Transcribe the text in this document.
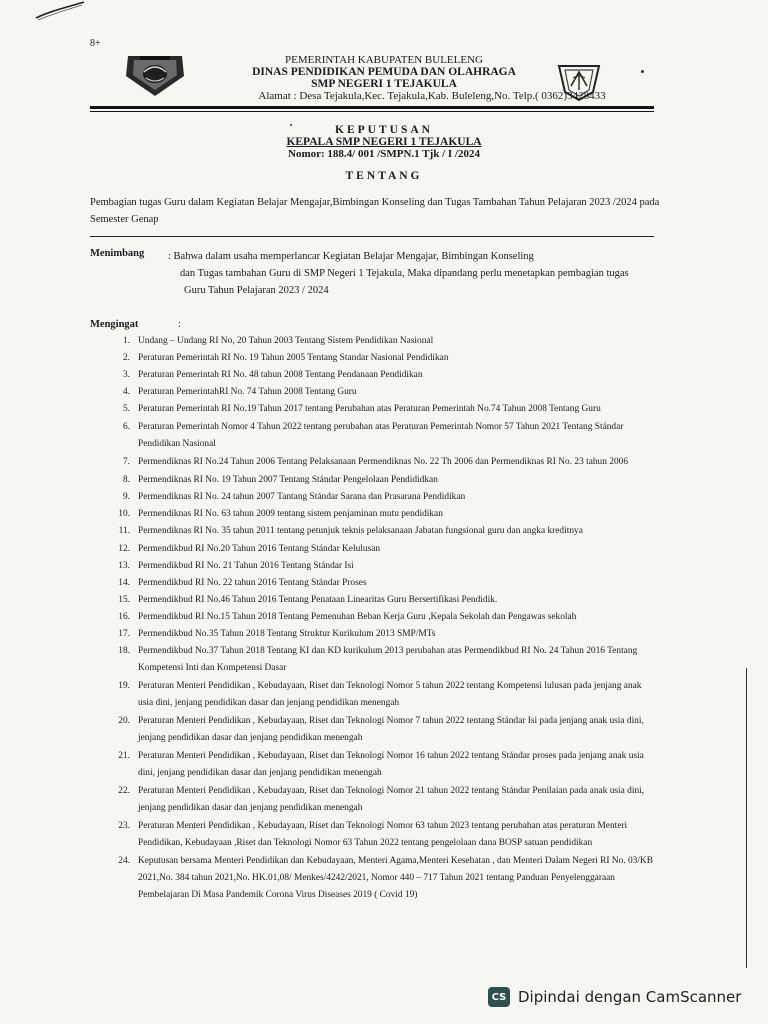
8+
PEMERINTAH KABUPATEN BULELENG
DINAS PENDIDIKAN PEMUDA DAN OLAHRAGA
SMP NEGERI 1 TEJAKULA
Alamat : Desa Tejakula,Kec. Tejakula,Kab. Buleleng,No. Telp.( 0362)3428433
KEPUTUSAN
KEPALA SMP NEGERI 1 TEJAKULA
Nomor: 188.4/ 001 /SMPN.1 Tjk / I /2024
TENTANG
Pembagian tugas Guru dalam Kegiatan Belajar Mengajar,Bimbingan Konseling dan Tugas Tambahan Tahun Pelajaran 2023 /2024 pada Semester Genap
Menimbang : Bahwa dalam usaha memperlancar Kegiatan Belajar Mengajar, Bimbingan Konseling
dan Tugas tambahan Guru di SMP Negeri 1 Tejakula, Maka dipandang perlu menetapkan pembagian tugas
Guru Tahun Pelajaran 2023 / 2024
Mengingat	:
1. Undang – Undang RI No, 20 Tahun 2003 Tentang Sistem Pendidikan Nasional
2. Peraturan Pemerintah RI No. 19 Tahun 2005 Tentang Standar Nasional Pendidikan
3. Peraturan Pemerintah RI No. 48 tahun 2008 Tentang Pendanaan Pendidikan
4. Peraturan PemerintahRI No. 74 Tahun 2008 Tentang Guru
5. Peraturan Pemerintah RI No.19 Tahun 2017 tentang Perubahan atas Peraturan Pemerintah No.74 Tahun 2008 Tentang Guru
6. Peraturan Pemerintah Nomor 4 Tahun 2022 tentang perubahan atas Peraturan Pemerintah Nomor 57 Tahun 2021 Tentang Stándar Pendidikan Nasional
7. Permendiknas RI No.24 Tahun 2006 Tentang Pelaksanaan Permendiknas No. 22 Th 2006 dan Permendiknas RI No. 23 tahun 2006
8. Permendiknas RI No. 19 Tahun 2007 Tentang Stándar Pengelolaan Pendididkan
9. Permendiknas RI No. 24 tahun 2007 Tantang Stándar Sarana dan Prasarana Pendidikan
10. Permendiknas RI No. 63 tahun 2009 tentang sistem penjaminan mutu pendidikan
11. Permendiknas RI No. 35 tahun 2011 tentang petunjuk teknis pelaksanaan Jabatan fungsional guru dan angka kreditnya
12. Permendikbud RI No.20 Tahun 2016 Tentang Stándar Kelulusan
13. Permendikbud RI No. 21 Tahun 2016 Tentang Stándar Isi
14. Permendikbud RI No. 22 tahun 2016 Tentang Stándar Proses
15. Permendikbud RI No.46 Tahun 2016 Tentang Penataan Linearitas Guru Bersertifikasi Pendidik.
16. Permendikbud RI No.15 Tahun 2018 Tentang Pemenuhan Beban Kerja Guru ,Kepala Sekolah dan Pengawas sekolah
17. Permendikbud No.35 Tahun 2018 Tentang Struktur Kurikulum 2013 SMP/MTs
18. Permendikbud No.37 Tahun 2018 Tentang KI dan KD kurikulum 2013 perubahan atas Permendikbud RI No. 24 Tahun 2016 Tentang Kompetensi Inti dan Kompetensi Dasar
19. Peraturan Menteri Pendidikan , Kebudayaan, Riset dan Teknologi Nomor 5 tahun 2022 tentang Kompetensi lulusan pada jenjang anak usia dini, jenjang pendidikan dasar dan jenjang pendidikan menengah
20. Peraturan Menteri Pendidikan , Kebudayaan, Riset dan Teknologi Nomor 7 tahun 2022 tentang Stándar Isi pada jenjang anak usia dini, jenjang pendidikan dasar dan jenjang pendidikan menengah
21. Peraturan Menteri Pendidikan , Kebudayaan, Riset dan Teknologi Nomor 16 tahun 2022 tentang Stándar proses pada jenjang anak usia dini, jenjang pendidikan dasar dan jenjang pendidikan menengah
22. Peraturan Menteri Pendidikan , Kebudayaan, Riset dan Teknologi Nomor 21 tahun 2022 tentang Stándar Penilaian pada anak usia dini, jenjang pendidikan dasar dan jenjang pendidikan menengah
23. Peraturan Menteri Pendidikan , Kebudayaan, Riset dan Teknologi Nomor 63 tahun 2023 tentang perubahan atas peraturan Menteri Pendidikan, Kebudayaan ,Riset dan Teknologi Nomor 63 Tahun 2022 tentang pengelolaan dana BOSP satuan pendidikan
24. Keputusan bersama Menteri Pendidikan dan Kebudayaan, Menteri Agama,Menteri Kesehatan , dan Menteri Dalam Negeri RI No. 03/KB 2021,No. 384 tahun 2021,No. HK.01,08/ Menkes/4242/2021, Nomor 440 – 717 Tahun 2021 tentang Panduan Penyelenggaraan Pembelajaran Di Masa Pandemik Corona Virus Diseases 2019 ( Covid 19)
CS Dipindai dengan CamScanner
